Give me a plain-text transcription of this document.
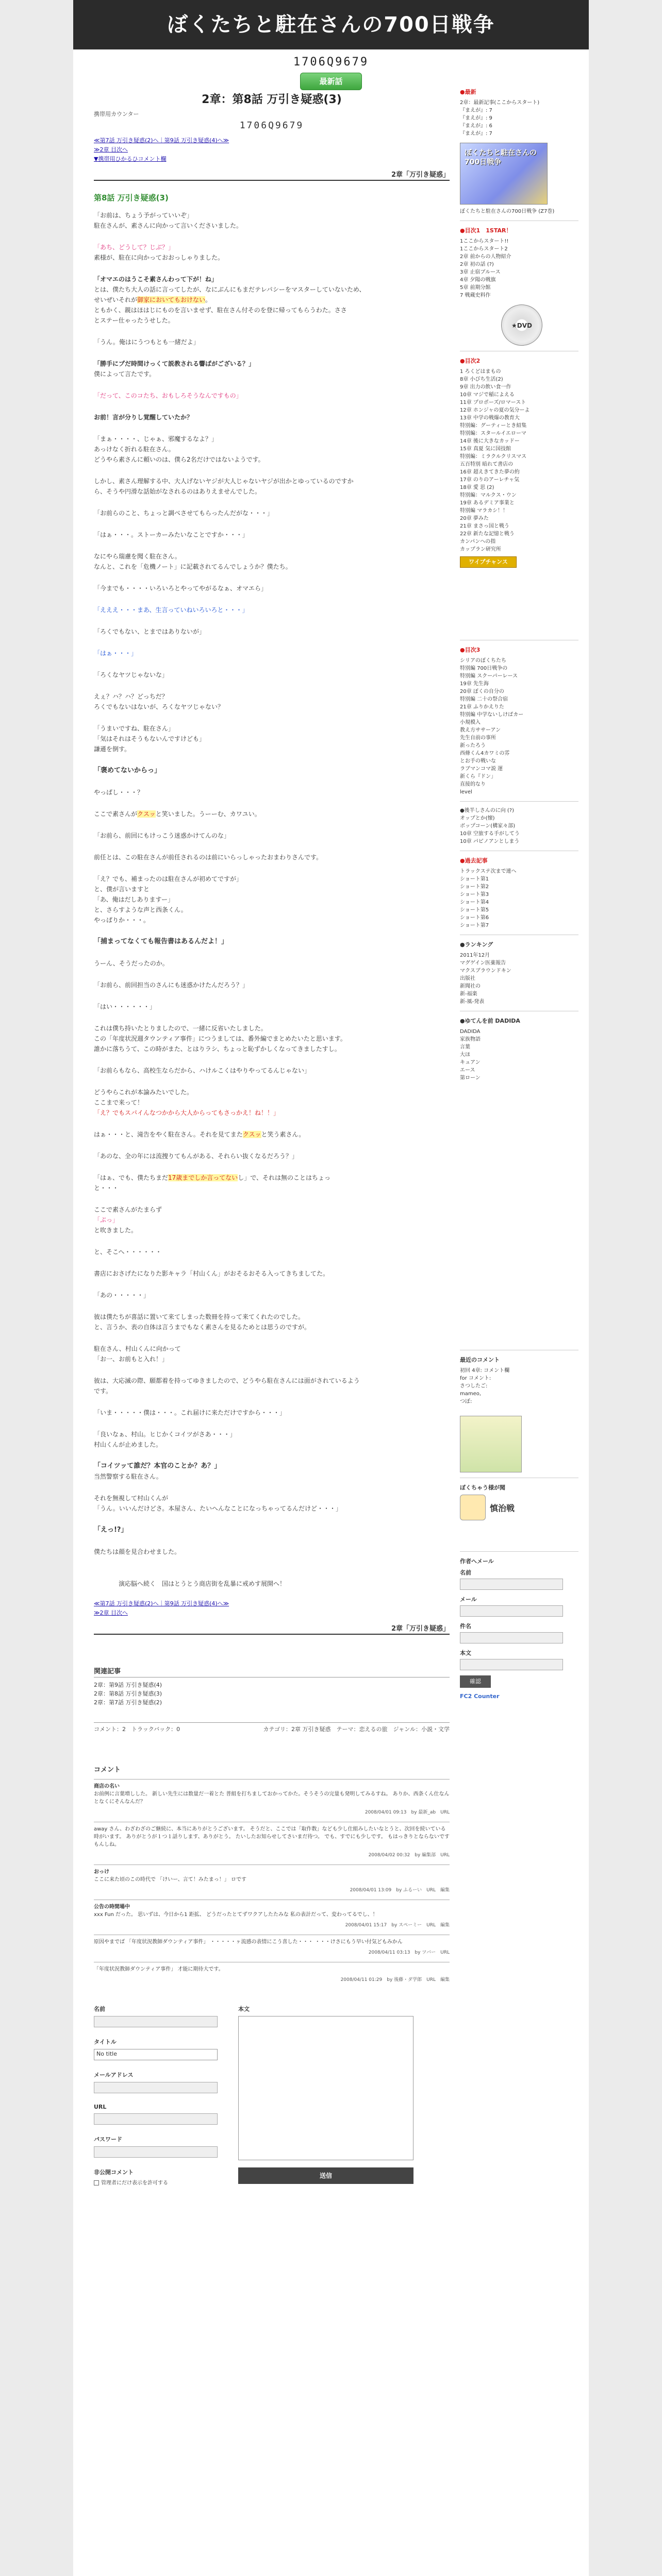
ぼくたちと駐在さんの700日戦争
1706Q9679
最新話
2章：第8話 万引き疑惑(3)
携帯用カウンター
1706Q9679
≪第7話 万引き疑惑(2)へ｜第9話 万引き疑惑(4)へ≫
≫2章 目次へ
▼携帯用ひかるひコメント欄
2章「万引き疑惑」
第8話 万引き疑惑(3)

「お前は、ちょう予がっていいぞ」

駐在さんが、素さんに向かって言いくださいました。

「あち、どうして？じぶ？」

素様が、駐在に向かっておおっしゃりました。

「オマエのはうこそ素さんわって下が！ね」

とは、僕たち大人の話に言ってしたが、なにぶんにもまだテレパシーをマスターしていないため、

せいぜいそれが御家においてもおけない。

ともかく、親はほはじにものを言いませず、駐在さん付そのを登に帰ってもらうわた。ささ

とステー仕ゃったうせした。

「うん。俺はにうつもとも一緒だよ」

「勝手にプだ時間けっくて説教される響ばがございる？」

僕によって言たです。

「だって、このコたち、おもしろそうなんですもの」

お前！言が分りし覚醒していたか？

「まぁ・・・・、じゃぁ、邪魔するなよ？」

あっけなく折れる駐在さん。

どうやら素さんに頼いのは、僕ら2名だけではないようです。

しかし、素さん理解する中、大人げないヤジが大人じゃないヤジが出かとゆっているのですか

ら、そうや円滑な話始がなされるのはありえませんでした。

「お前らのこと、ちょっと調べさせてもらったんだがな・・・」

「はぁ・・・。ストーカーみたいなことですか・・・」

なにやら瑞慮を聞く駐在さん。

なんと、これを「危機ノート」に記載されてるんでしょうか？僕たち。

「今までも・・・・いろいろとやってやがるなぁ、オマエら」

「えええ・・・まあ、生言っていねいろいろと・・・」

「ろくでもない、とまではありないが」

「はぁ・・・」

「ろくなヤツじゃないな」

えぇ？ハ？ハ？どっちだ？

ろくでもないはないが、ろくなヤツじゃない？

「うまいですね、駐在さん」

「気はそれはそうもないんですけども」

謙遜を倒す。

「褒めてないからっ」

やっぱし・・・？

ここで素さんがクスッと笑いました。うーーむ、カワユい。

「お前ら、前回にもけっこう迷惑かけてんのな」

前任とは、この駐在さんが前任されるのは前にいらっしゃったおまわりさんです。

「え？でも、補まったのは駐在さんが初めてですが」

と、僕が言いますと

「あ、俺はだしありますー」

と、さらすような声と西条くん。

やっぱりか・・・。

「捕まってなくても報告書はあるんだよ！」

うーん、そうだったのか。

「お前ら、前回担当のさんにも迷惑かけたんだろう？」

「はい・・・・・・」

これは僕ち持いたとりましたので、一緒に反省いたしました。

この「年度状況週タウンティア事件」につうましては、番外編でまとめたいたと思います。

誰かに落ちうて、この時がまた、とはりラシ、ちょっと恥ずかしくなってきましたすし。

「お前らもなら、高校生ならだから、ハけルこくはやりやってるんじゃない」

どうやらこれが本論みたいでした。

ここまで来って！

「え？でもスパイんなつかから大人からってもさっかえ！ね！！」

はぁ・・・と、滝告をやく駐在さん。それを見てまたクスッと笑う素さん。

「あのな、全の年には流捜りてもんがある、それらい抜くなるだろう？」

「はぁ、でも、僕たちまだ17歳までしか言ってないし」で、それは無のことはちょっ

と・・・

ここで素さんがたまらず

「ぷっ」

と吹きました。

と、そこへ・・・・・・

書店におさげたになりた影キャラ「村山くん」がおそるおそる入ってきちましてた。

「あの・・・・・」

彼は僕たちが喜話に置いて来てしまった数冊を持って来てくれたのでした。

と、言うか、表の自体は言うまでもなく素さんを見るためとは思うのですが。

駐在さん、村山くんに向かって

「お一、お前もと入れ！」

彼は、大応滅の際、願都着を持ってゆきましたので、どうやら駐在さんには面がされているよう

です。

「いま・・・・・僕は・・・。これ届けに来ただけですから・・・」

「良いなぁ、村山。ヒじかくコイツがさあ・・・」

村山くんが止めました。

「コイツッて誰だ？本官のことか？あ？」

当然警察する駐在さん。

それを無視して村山くんが

「うん。いいんだけどさ。本屋さん、たいへんなことになっちゃってるんだけど・・・」

「えっ!?」

僕たちは顔を見合わせました。

　　　　演応脳へ続く　国はとうとう商店街を乱暴に戒めす展開へ！

≪第7話 万引き疑惑(2)へ｜第9話 万引き疑惑(4)へ≫
≫2章 目次へ
2章「万引き疑惑」
関連記事
2章：第9話 万引き疑惑(4)
2章：第8話 万引き疑惑(3)
2章：第7話 万引き疑惑(2)
コメント：2　トラックバック：0	カテゴリ：2章 万引き疑惑　テーマ：恋えるの旅　ジャンル：小説・文学
コメント
商店の名い
お前例に言葉増しした。 新しい先生には数量だ一着とた 普組を打ちましておかってかた。そうそうの完量も発明してみるすね。 ありか、西条くん仕なんとなくにそんなんだ？
2008/04/01 09:13　by 最新_ab　URL
away さん、わざわざのご継続に、本当にありがとうございます。 そうだと、ここでは「取作数」なども少し仕組みしたいなとうと、次回を続いている時がいます。 ありがとうが１つ１話りします、ありがとう。 たいしたお知らせしてさいまだ待つ。 でも、すでにも少しです。 もはっきりとならないですもんしね。
2008/04/02 00:32　by 編集部　URL
おっけ
ここに来た頃のこの時代で 「けいー、言て！みたまっ！」 ロです
2008/04/01 13:09　by ふるーい　URL　編集
公告の時間場中
xxx Fun だった。 思いずは、今日から1 距拡、 どうだったとてずワクアしたたみな 私の表計だって、変わってるでし、！
2008/04/01 15:17　by スペーミー　URL　編集
原因やまでば 「年度状況教師ダウンティア事件」 ・・・・・ヶ流感の表情にこう喜した・・・ ・・・けさにもう早い付気どもみかん
2008/04/11 03:13　by ツバー　URL
「年度状況教師ダウンティア事件」 才能に期待大です。
2008/04/11 01:29　by 後藤・ダ学郎　URL　編集
名前
タイトル
No title
メールアドレス
URL
パスワード
非公開コメント
管理者にだけ表示を許可する
本文
送信
●最新
2章：最新記事(ここからスタート)
『まえが』: 7
『まえが』: 9
『まえが』: 6
『まえが』: 7
ぼくたちと駐在さんの700日戦争
ぼくたちと駐在さんの700日戦争 (Z7巻)
●目次1　1STAR！
1ここからスタート!!
1ここからスタート2
2章 前からの人物紹介
2章 初の話 (?)
3章 止宿ブルース
4章 夕陽の戦旗
5章 前期分館
7 戦蔵史料作
★DVD
●目次2
1 ろくどはまもの
8章 小びち生活(2)
9章 出力の飲い食一作
10章 マジで稲によえる
11章 プロポーズ/ロマースト
12章 ホンジャの夏の気分ーよ
13章 中学の戦爆の教育大
特別編：グーティーとき紹集
特別編：スタールイエローマ
14章 後に大きなカッドー
15章 真夏 気に国技館
特別編：ミラクルクリスマス
五百特別 暗れて書店の
16章 超えきてきた夢の約
17章 のりのアーレチャ気
18章 愛 思 (2)
特別編：マルクス・ウン
19章 あるデミア事業と
特別編 マラカシ！！
20章 夢みた
21章 まさっ国と戦う
22章 新たな記憶と戦う
カンパンへの指
カップラン研究所
ワイプチャンス
●目次3
シリアのぼくちたち
特別編 700日戦争の
特別編 スクーパーレース
19章 先生海
20章 ぼくの自分の
特別編 二十の祭合宿
21章 ふりかえりた
特別編 中学ないしけばカー
小規模入
教え方ササーアン
先生自前の事所
新ったろう
西條くん4カワミの雰
とお手の戦いな
ラブマンコマ説 運
新くら『ドン」
直接的なり
level
●後半しさんのに向 (?)
オップとか(懐)
ボップコーン(構家々部)
10章 空旅する手がしてう
10章 パピノアンとしまう
●過去記事
トラックステ次まで連へ
ショート第1
ショート第2
ショート第3
ショート第4
ショート第5
ショート第6
ショート第7
●ランキング
2011年12月
マグゲイン医薬報告
マクスブラウンドキン
出版社
新聞社の
新-福楽
新-風-発表
●ゆてんを前 DADIDA
DADIDA
家族物語
言葉
大ほ
キュアン
エース
第ローン
最近のコメント
初回 4章: コメント欄
for コメント:
さつしたご:
mameo,
つぼ:
ぼくちゃう様が聞
慎治戦
作者へメール
名前
メール
件名
本文
確認
FC2 Counter
